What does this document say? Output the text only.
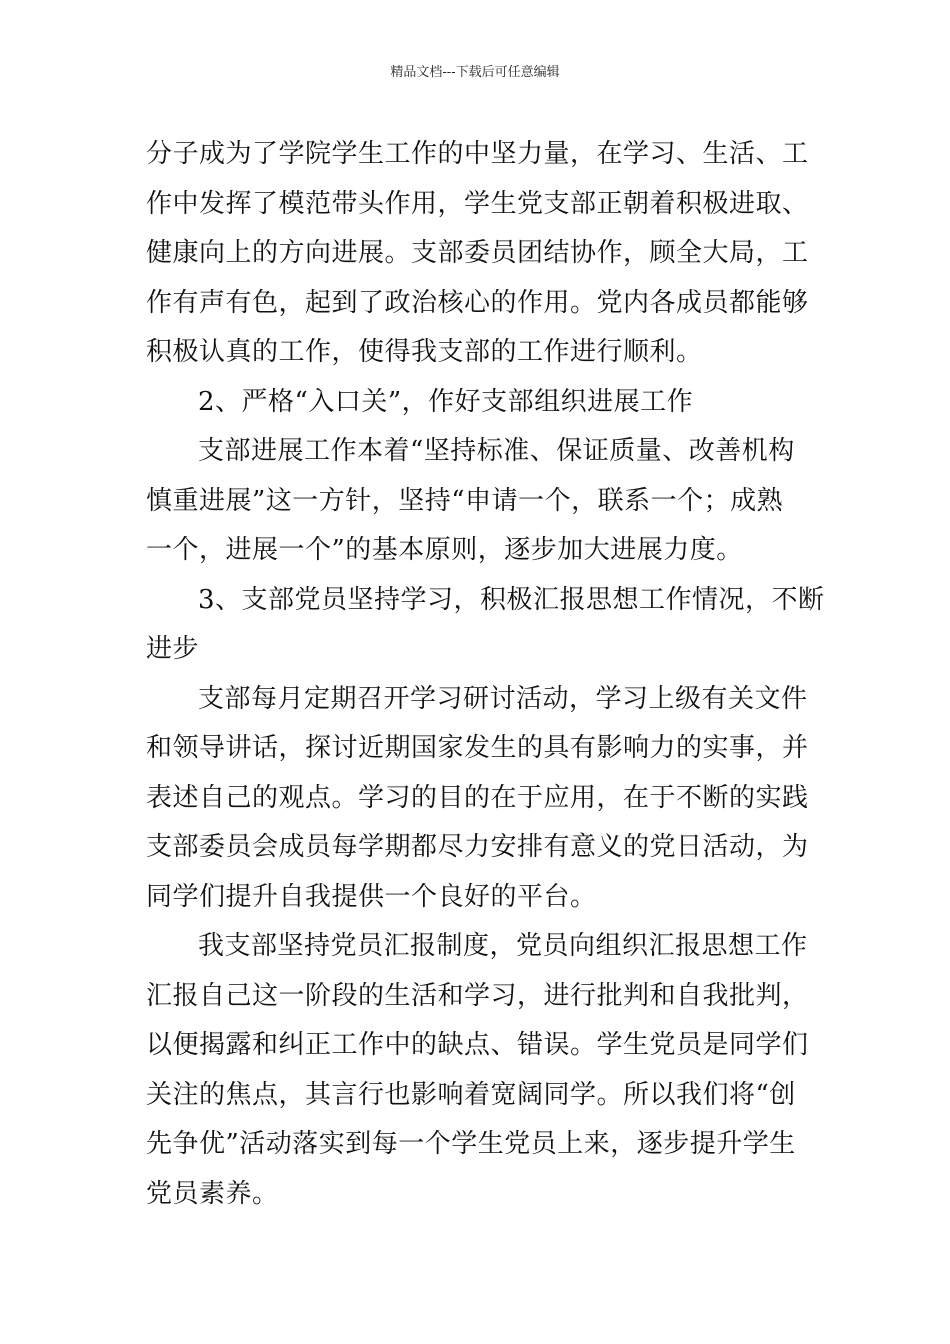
精品文档---下载后可任意编辑
分子成为了学院学生工作的中坚力量，在学习、生活、工
作中发挥了模范带头作用，学生党支部正朝着积极进取、
健康向上的方向进展。支部委员团结协作，顾全大局，工
作有声有色，起到了政治核心的作用。党内各成员都能够
积极认真的工作，使得我支部的工作进行顺利。
2、严格“入口关”，作好支部组织进展工作
支部进展工作本着“坚持标准、保证质量、改善机构
慎重进展”这一方针，坚持“申请一个，联系一个；成熟
一个，进展一个”的基本原则，逐步加大进展力度。
3、支部党员坚持学习，积极汇报思想工作情况，不断
进步
支部每月定期召开学习研讨活动，学习上级有关文件
和领导讲话，探讨近期国家发生的具有影响力的实事，并
表述自己的观点。学习的目的在于应用，在于不断的实践
支部委员会成员每学期都尽力安排有意义的党日活动，为
同学们提升自我提供一个良好的平台。
我支部坚持党员汇报制度，党员向组织汇报思想工作
汇报自己这一阶段的生活和学习，进行批判和自我批判，
以便揭露和纠正工作中的缺点、错误。学生党员是同学们
关注的焦点，其言行也影响着宽阔同学。所以我们将“创
先争优”活动落实到每一个学生党员上来，逐步提升学生
党员素养。
